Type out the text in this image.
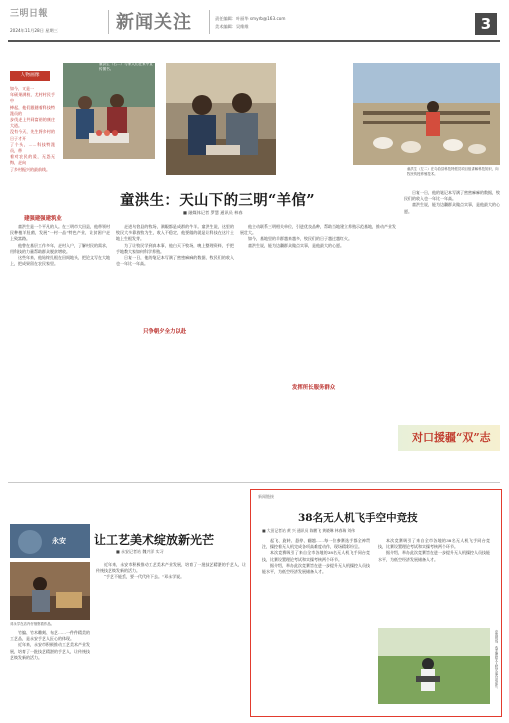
三明日報
2024年11月28日 星期三	新闻关注	责任编辑：叶丽华 smyrb@163.com
美术编辑：吴维维	3
人物画像
童洪生（右二）与家人们在家中宣传图书。
如今，又是一
年硕果满枝，尤村村民手中
捧起，他们跟随着科技特派员的
步伐走上共同富裕的康庄大道。
没有今天，先生将乡村的日子才开
了个头，……科技特派员，带
着对农民的爱，无怨无悔，走向
了乡村振兴的最前线。
建强建强建筑业

童洪生是一个平凡的人。在三明市大田县，他带领村民种植羊肚菌，发展“一村一品”特色产业，让贫困户走上致富路。

他曾在基层工作多年，走村入户，了解村民的需求，用科技的力量帮助群众脱贫增收。

这些年来，他始终扎根在田间地头，把论文写在大地上，把成果留在农民家里。

童洪生：天山下的三明“羊倌”
■ 融媒体记者 罗慧 通讯员 林春
童洪生（左二）在乌恰县科技特派员项目组讲解科技知识，向牧民传授养殖技术。
只争朝夕全力以赴

走进乌恰县的牧场，满眼都是成群的牛羊。童洪生说，这里的牧民大多靠放牧为生，收入不稳定，他要做的就是让科技在这片土地上生根发芽。

为了让牧民学到真本事，他白天下牧场，晚上整理资料，手把手地教大家如何科学养殖。

日复一日，他的笔记本写满了密密麻麻的数据，牧民们的收入也一年比一年高。

发挥所长服务群众

他主动联系三明相关单位，引进优良品种，帮助当地建立养殖示范基地，推动产业发展壮大。

如今，基地里的羊群越来越多，牧民们的日子越过越红火。

童洪生说，能为边疆群众做点实事，是他最大的心愿。

日复一日，他的笔记本写满了密密麻麻的数据，牧民们的收入也一年比一年高。

童洪生说，能为边疆群众做点实事，是他最大的心愿。

对口援疆“双”志
永安 让工艺美术绽放新光芒
■ 永安记者站 魏兴洋 实习
邓永学在店内仔细察看作品。

竹编、竹木雕刻、布艺……一件件精美的工艺品，是永安手艺人匠心的体现。

近年来，永安市积极推动工艺美术产业发展，培育了一批技艺精湛的手艺人，让传统技艺焕发新的活力。

近年来，永安市积极推动工艺美术产业发展，培育了一批技艺精湛的手艺人，让传统技艺焕发新的活力。

“手艺不能丢，要一代代传下去。”邓永学说。

新闻链接
38名无人机飞手空中竞技
■ 大田记者站 黄 兴 通讯员 陈鹏飞 黄晓琳 林春瑞 刘伟

起飞、旋转、悬停、翻越……每一位参赛选手都全神贯注，操控着无人机完成各项高难度动作，现场精彩纷呈。

本次竞赛吸引了来自全市各地的38名无人机飞手同台竞技，比赛设置理论考试和实操考核两个环节。

据介绍，举办此次竞赛旨在进一步提升无人机操控人员技能水平，为低空经济发展储备人才。

本次竞赛吸引了来自全市各地的38名无人机飞手同台竞技，比赛设置理论考试和实操考核两个环节。

据介绍，举办此次竞赛旨在进一步提升无人机操控人员技能水平，为低空经济发展储备人才。

竞赛现场，选手操控无人机完成各项动作。
